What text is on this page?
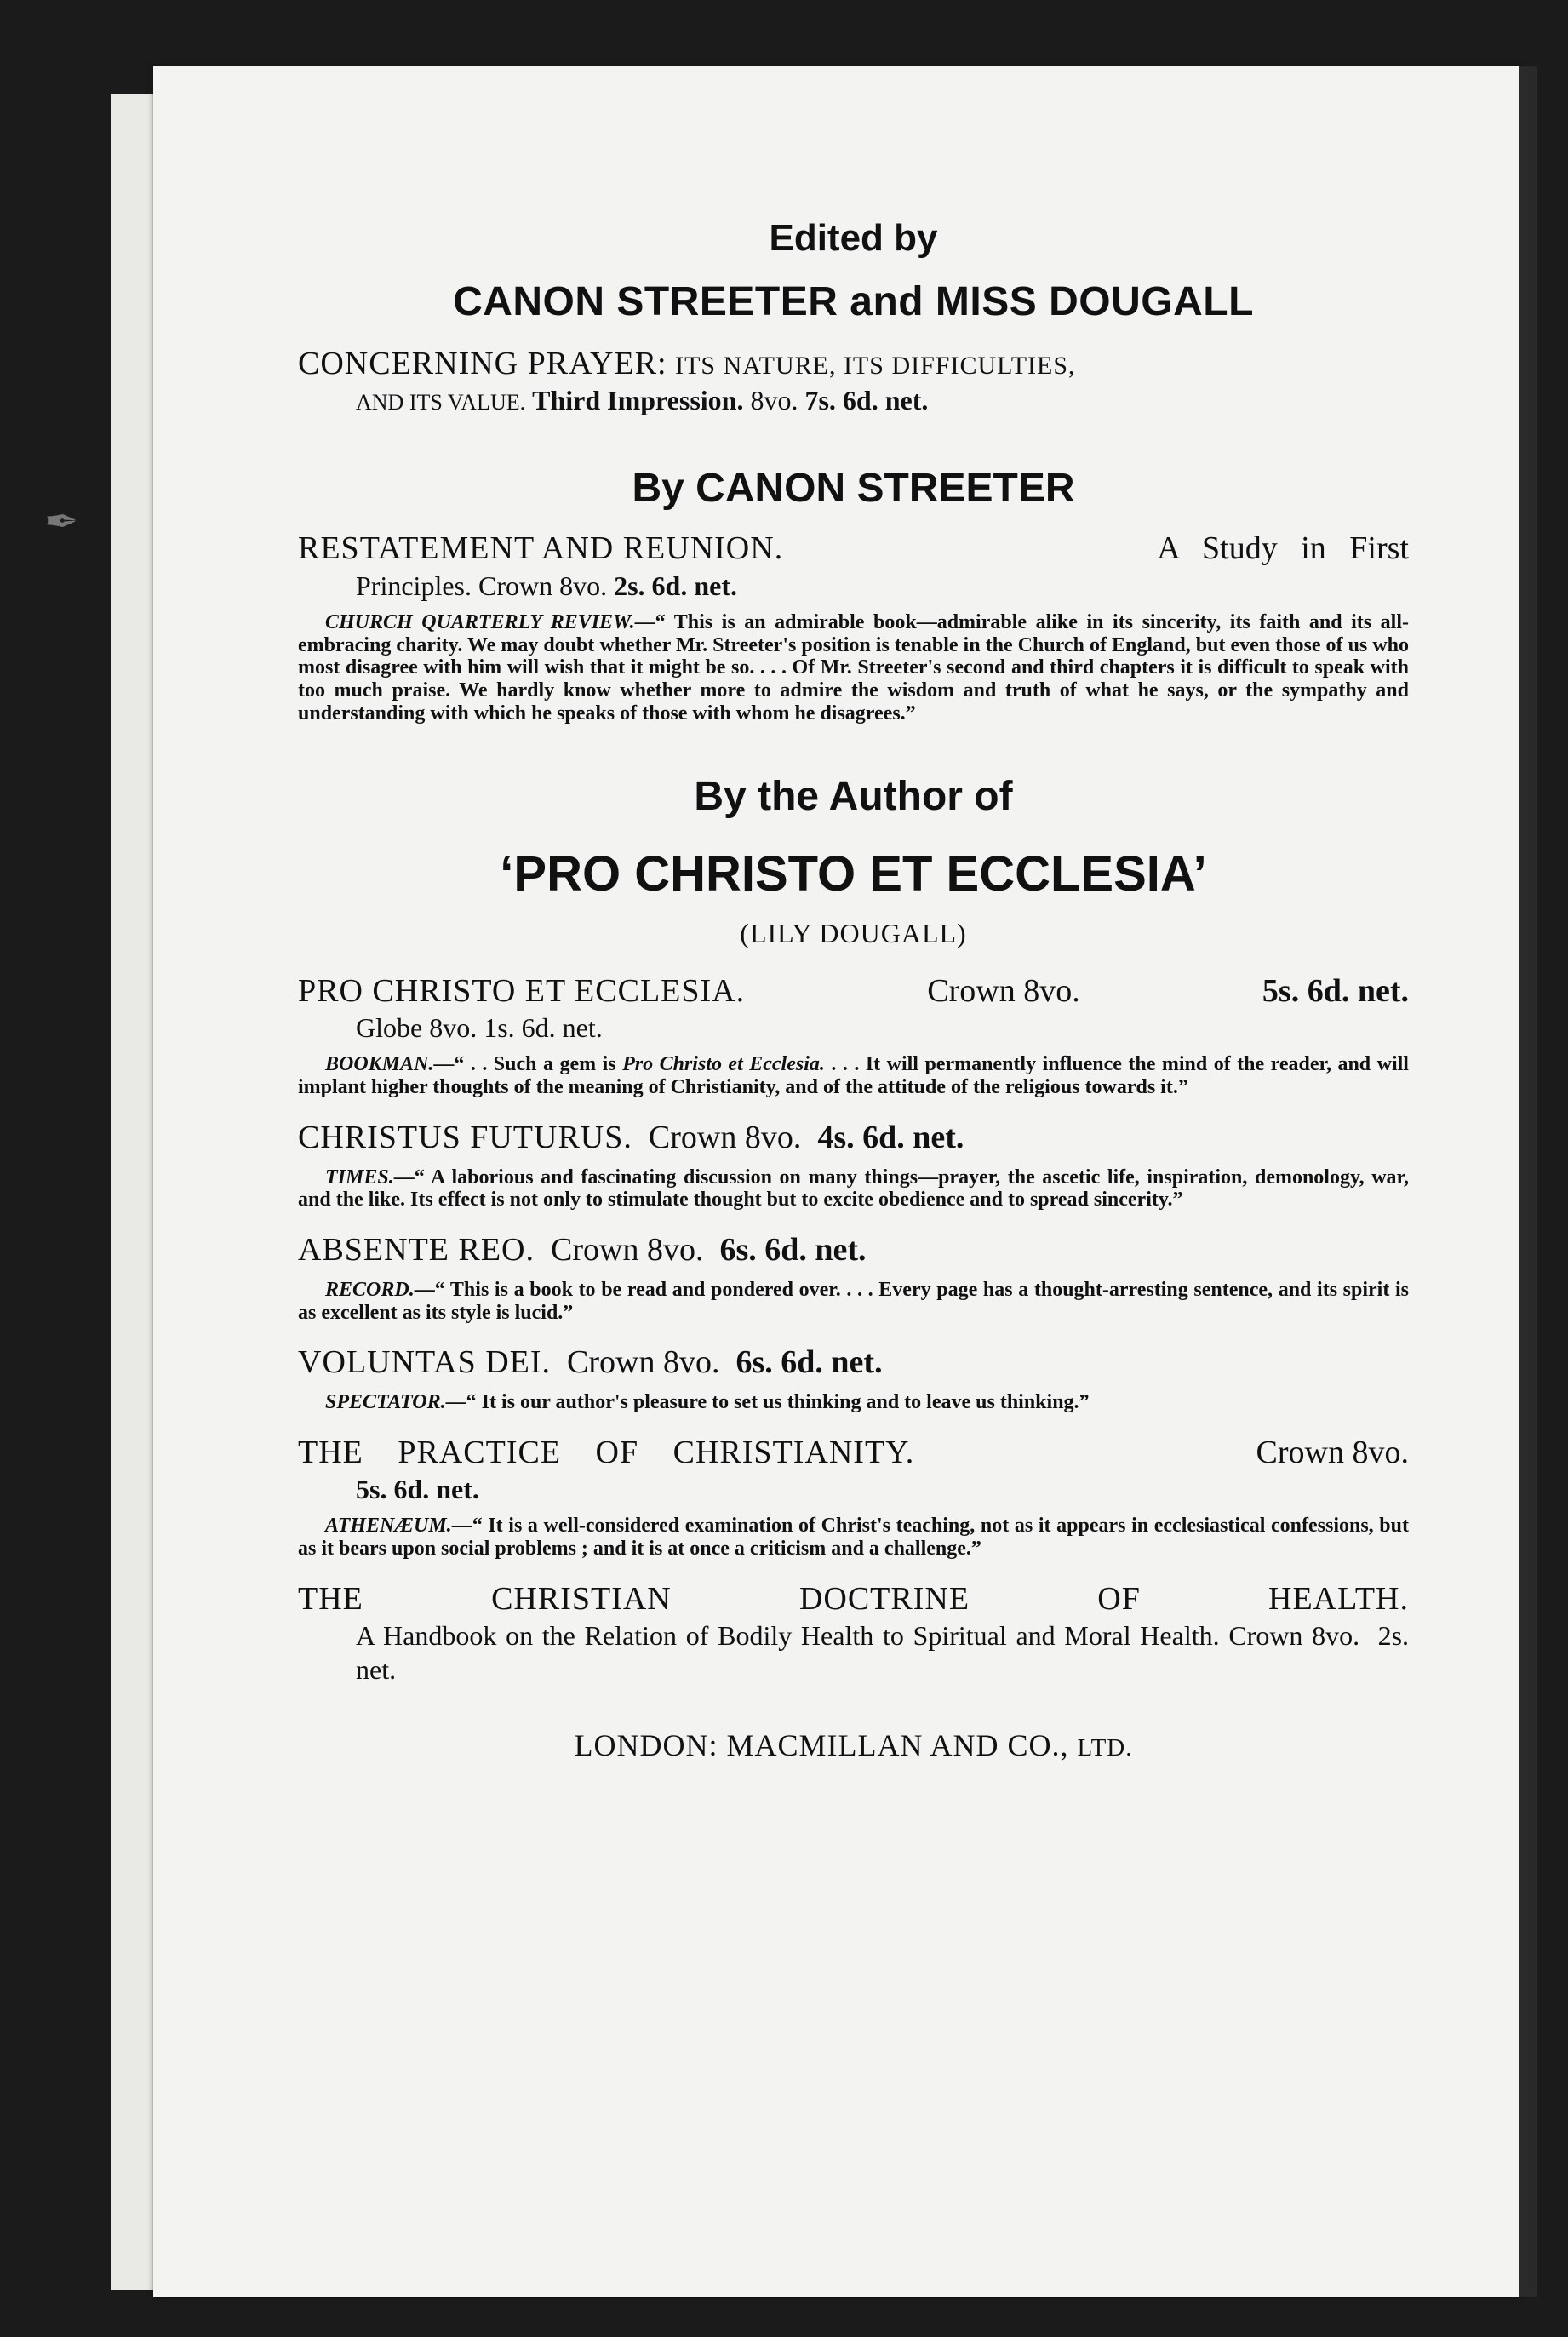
✒
Edited by
CANON STREETER and MISS DOUGALL
CONCERNING PRAYER: ITS NATURE, ITS DIFFICULTIES,
AND ITS VALUE. Third Impression. 8vo. 7s. 6d. net.
By CANON STREETER
RESTATEMENT AND REUNION.	A Study in First
Principles. Crown 8vo. 2s. 6d. net.
CHURCH QUARTERLY REVIEW.—“ This is an admirable book—admirable alike in its sincerity, its faith and its all-embracing charity. We may doubt whether Mr. Streeter's position is tenable in the Church of England, but even those of us who most disagree with him will wish that it might be so. . . . Of Mr. Streeter's second and third chapters it is difficult to speak with too much praise. We hardly know whether more to admire the wisdom and truth of what he says, or the sympathy and understanding with which he speaks of those with whom he disagrees.”
By the Author of
‘PRO CHRISTO ET ECCLESIA’
(LILY DOUGALL)
PRO CHRISTO ET ECCLESIA.	Crown 8vo.	5s. 6d. net.
Globe 8vo. 1s. 6d. net.
BOOKMAN.—“ . . Such a gem is Pro Christo et Ecclesia. . . . It will permanently influence the mind of the reader, and will implant higher thoughts of the meaning of Christianity, and of the attitude of the religious towards it.”
CHRISTUS FUTURUS. Crown 8vo. 4s. 6d. net.
TIMES.—“ A laborious and fascinating discussion on many things—prayer, the ascetic life, inspiration, demonology, war, and the like. Its effect is not only to stimulate thought but to excite obedience and to spread sincerity.”
ABSENTE REO. Crown 8vo. 6s. 6d. net.
RECORD.—“ This is a book to be read and pondered over. . . . Every page has a thought-arresting sentence, and its spirit is as excellent as its style is lucid.”
VOLUNTAS DEI. Crown 8vo. 6s. 6d. net.
SPECTATOR.—“ It is our author's pleasure to set us thinking and to leave us thinking.”
THE PRACTICE OF CHRISTIANITY.	Crown 8vo.
5s. 6d. net.
ATHENÆUM.—“ It is a well-considered examination of Christ's teaching, not as it appears in ecclesiastical confessions, but as it bears upon social problems ; and it is at once a criticism and a challenge.”
THE CHRISTIAN DOCTRINE OF HEALTH.
A Handbook on the Relation of Bodily Health to Spiritual and Moral Health. Crown 8vo. 2s. net.
LONDON: MACMILLAN AND CO., LTD.
